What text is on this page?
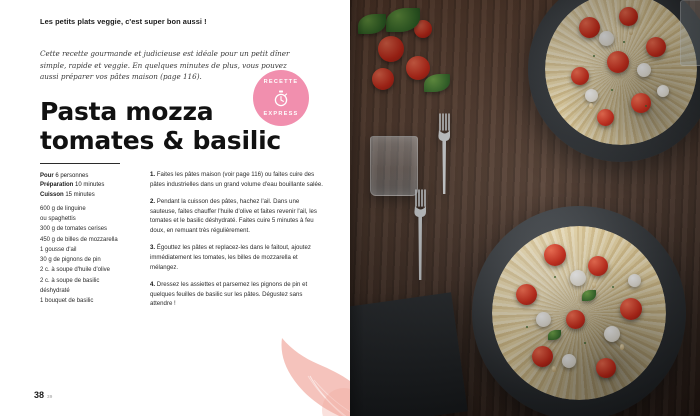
Les petits plats veggie, c'est super bon aussi !
Cette recette gourmande et judicieuse est idéale pour un petit dîner simple, rapide et veggie. En quelques minutes de plus, vous pouvez aussi préparer vos pâtes maison (page 116).
RECETTE
EXPRESS
Pasta mozza
tomates & basilic
Pour 6 personnes
Préparation 10 minutes
Cuisson 15 minutes
600 g de linguine
ou spaghettis
300 g de tomates cerises
450 g de billes de mozzarella
1 gousse d'ail
30 g de pignons de pin
2 c. à soupe d'huile d'olive
2 c. à soupe de basilic
déshydraté
1 bouquet de basilic

1. Faites les pâtes maison (voir page 116) ou faites cuire des pâtes industrielles dans un grand volume d'eau bouillante salée.

2. Pendant la cuisson des pâtes, hachez l'ail. Dans une sauteuse, faites chauffer l'huile d'olive et faites revenir l'ail, les tomates et le basilic déshydraté. Faites cuire 5 minutes à feu doux, en remuant très régulièrement.

3. Égouttez les pâtes et replacez-les dans le faitout, ajoutez immédiatement les tomates, les billes de mozzarella et mélangez.

4. Dressez les assiettes et parsemez les pignons de pin et quelques feuilles de basilic sur les pâtes. Dégustez sans attendre !

38 39
